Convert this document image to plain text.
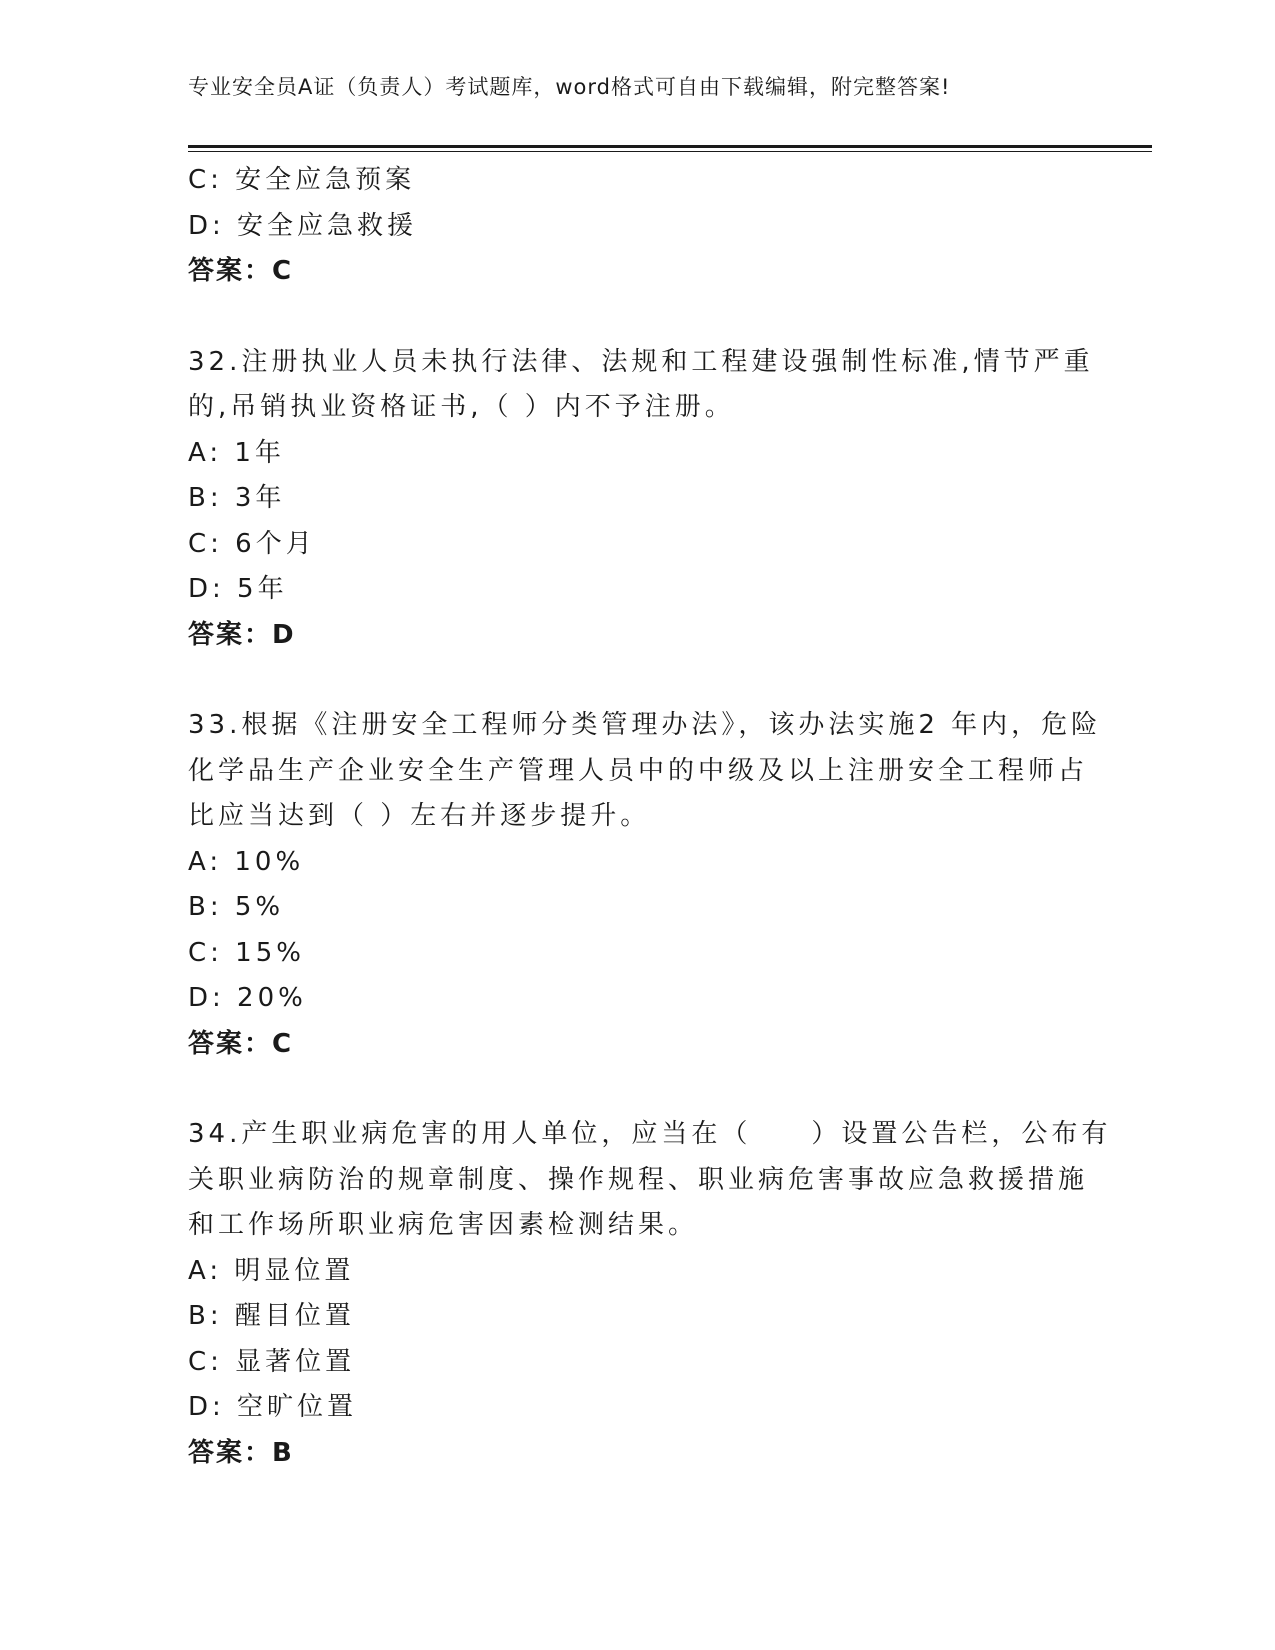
专业安全员A证（负责人）考试题库，word格式可自由下载编辑，附完整答案!

C: 安全应急预案

D: 安全应急救援

答案：C

32.注册执业人员未执行法律、法规和工程建设强制性标准,情节严重

的,吊销执业资格证书,（ ）内不予注册。

A: 1年

B: 3年

C: 6个月

D: 5年

答案：D

33.根据《注册安全工程师分类管理办法》，该办法实施2 年内，危险

化学品生产企业安全生产管理人员中的中级及以上注册安全工程师占

比应当达到（ ）左右并逐步提升。

A: 10%

B: 5%

C: 15%

D: 20%

答案：C

34.产生职业病危害的用人单位，应当在（　　）设置公告栏，公布有

关职业病防治的规章制度、操作规程、职业病危害事故应急救援措施

和工作场所职业病危害因素检测结果。

A: 明显位置

B: 醒目位置

C: 显著位置

D: 空旷位置

答案：B
